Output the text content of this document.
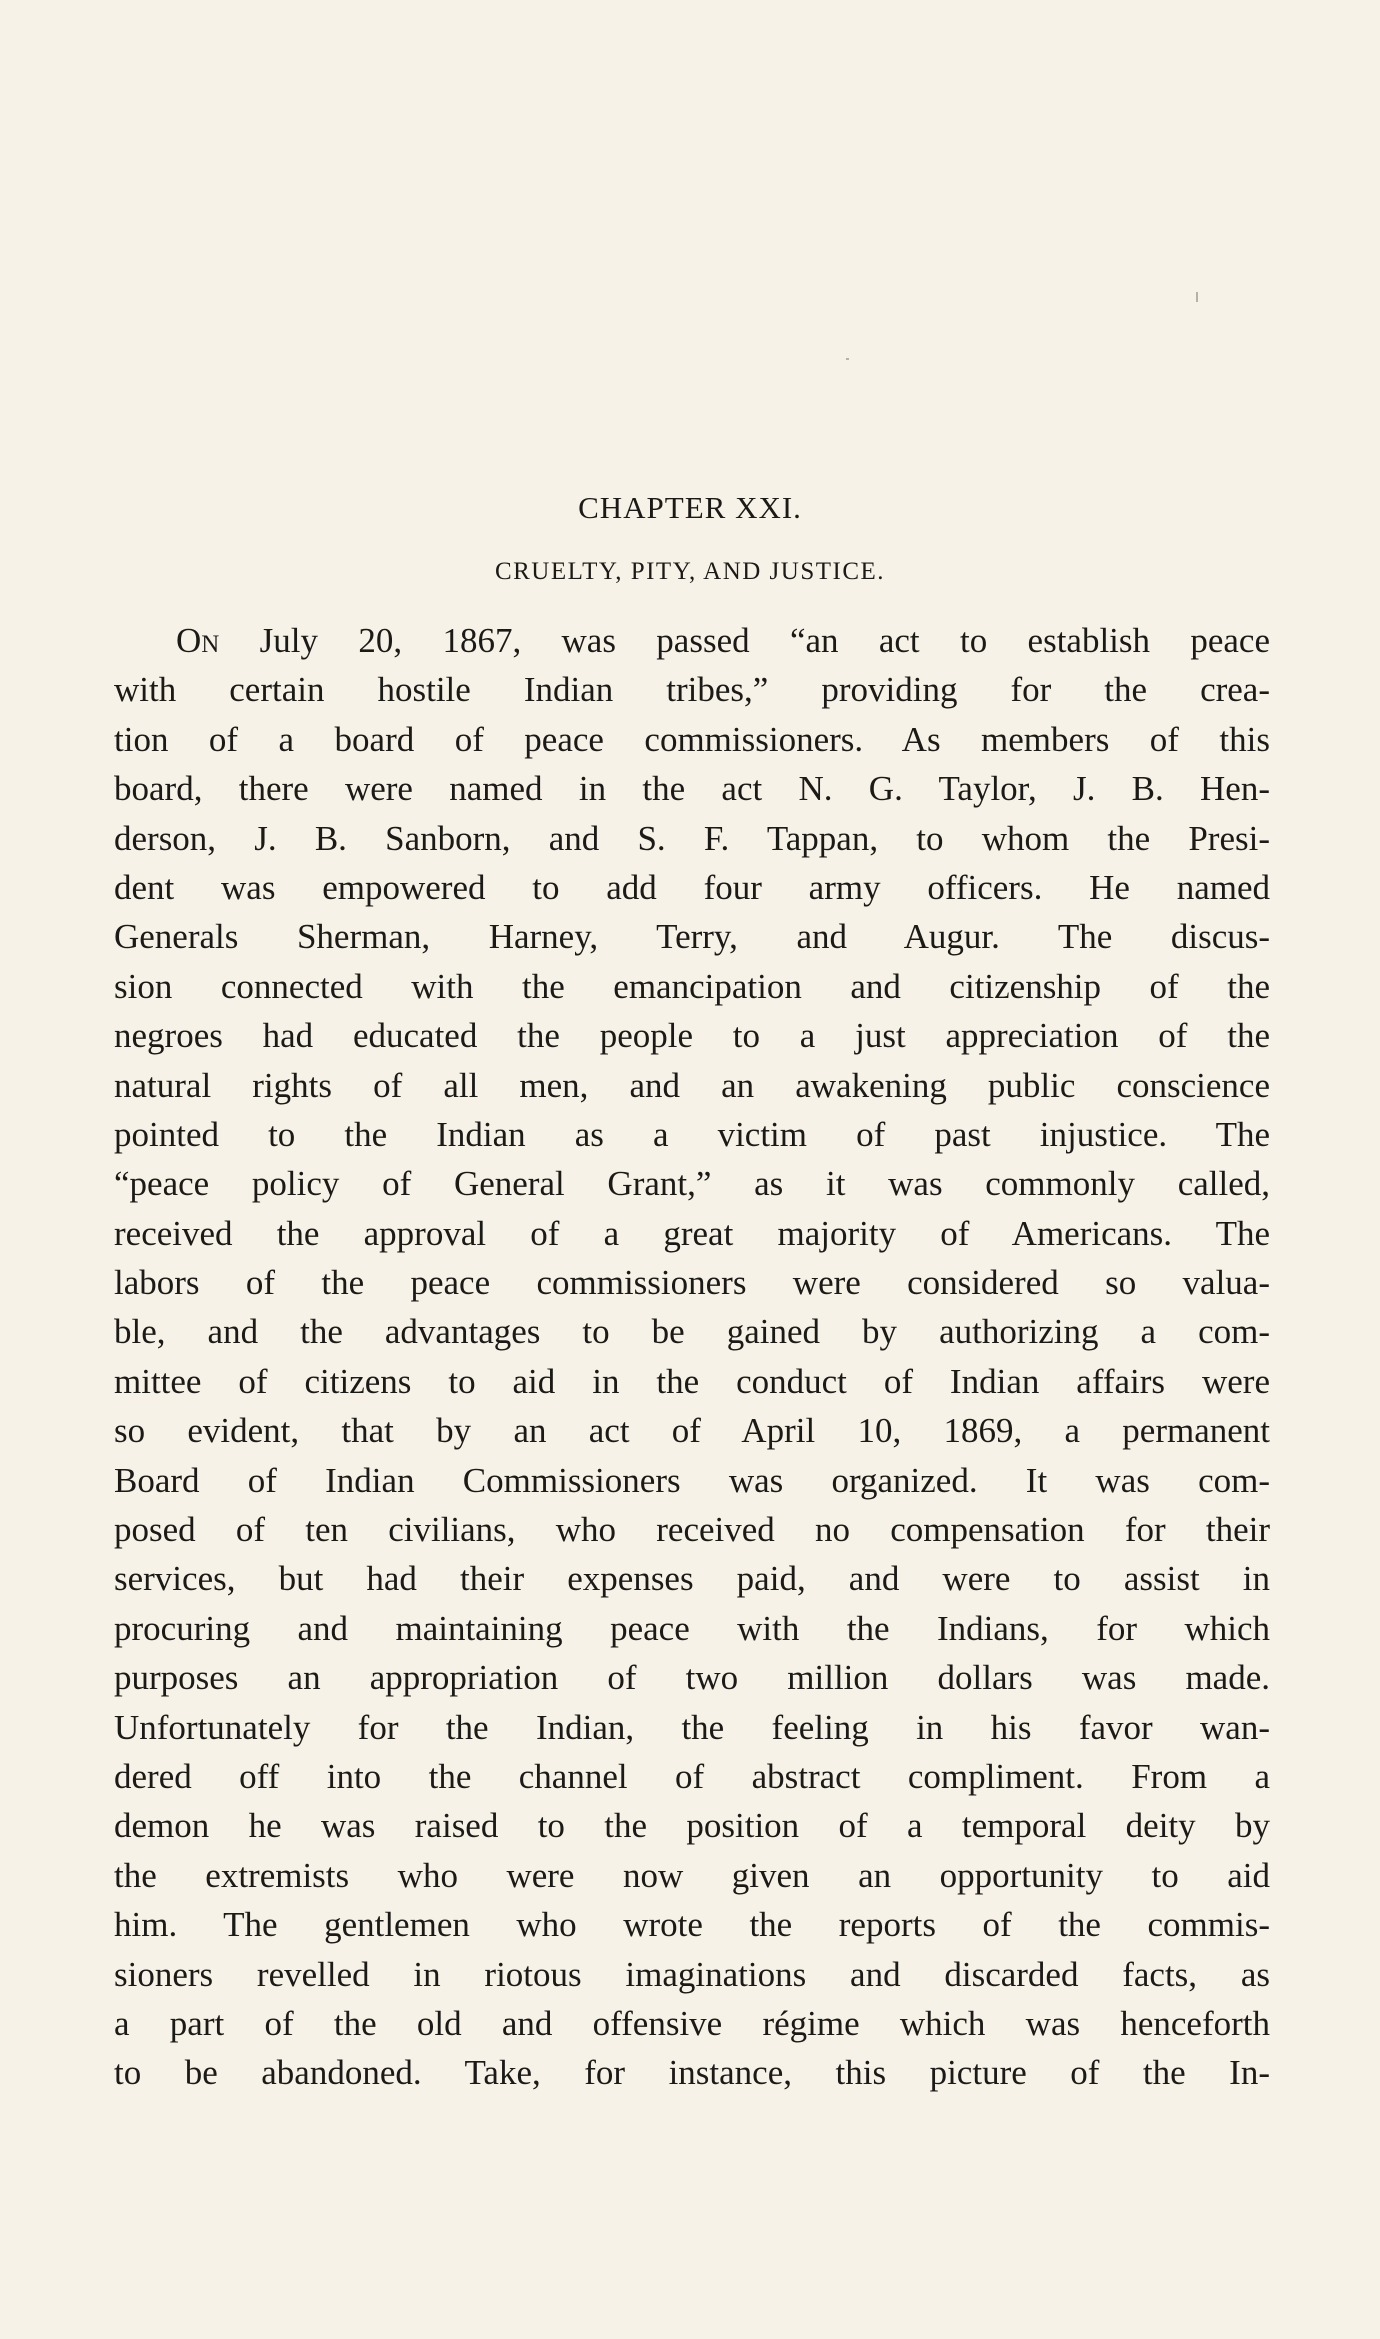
CHAPTER XXI.
CRUELTY, PITY, AND JUSTICE.
On July 20, 1867, was passed “an act to establish peace
with certain hostile Indian tribes,” providing for the crea-
tion of a board of peace commissioners. As members of this
board, there were named in the act N. G. Taylor, J. B. Hen-
derson, J. B. Sanborn, and S. F. Tappan, to whom the Presi-
dent was empowered to add four army officers. He named
Generals Sherman, Harney, Terry, and Augur. The discus-
sion connected with the emancipation and citizenship of the
negroes had educated the people to a just appreciation of the
natural rights of all men, and an awakening public conscience
pointed to the Indian as a victim of past injustice. The
“peace policy of General Grant,” as it was commonly called,
received the approval of a great majority of Americans. The
labors of the peace commissioners were considered so valua-
ble, and the advantages to be gained by authorizing a com-
mittee of citizens to aid in the conduct of Indian affairs were
so evident, that by an act of April 10, 1869, a permanent
Board of Indian Commissioners was organized. It was com-
posed of ten civilians, who received no compensation for their
services, but had their expenses paid, and were to assist in
procuring and maintaining peace with the Indians, for which
purposes an appropriation of two million dollars was made.
Unfortunately for the Indian, the feeling in his favor wan-
dered off into the channel of abstract compliment. From a
demon he was raised to the position of a temporal deity by
the extremists who were now given an opportunity to aid
him. The gentlemen who wrote the reports of the commis-
sioners revelled in riotous imaginations and discarded facts, as
a part of the old and offensive régime which was henceforth
to be abandoned. Take, for instance, this picture of the In-
